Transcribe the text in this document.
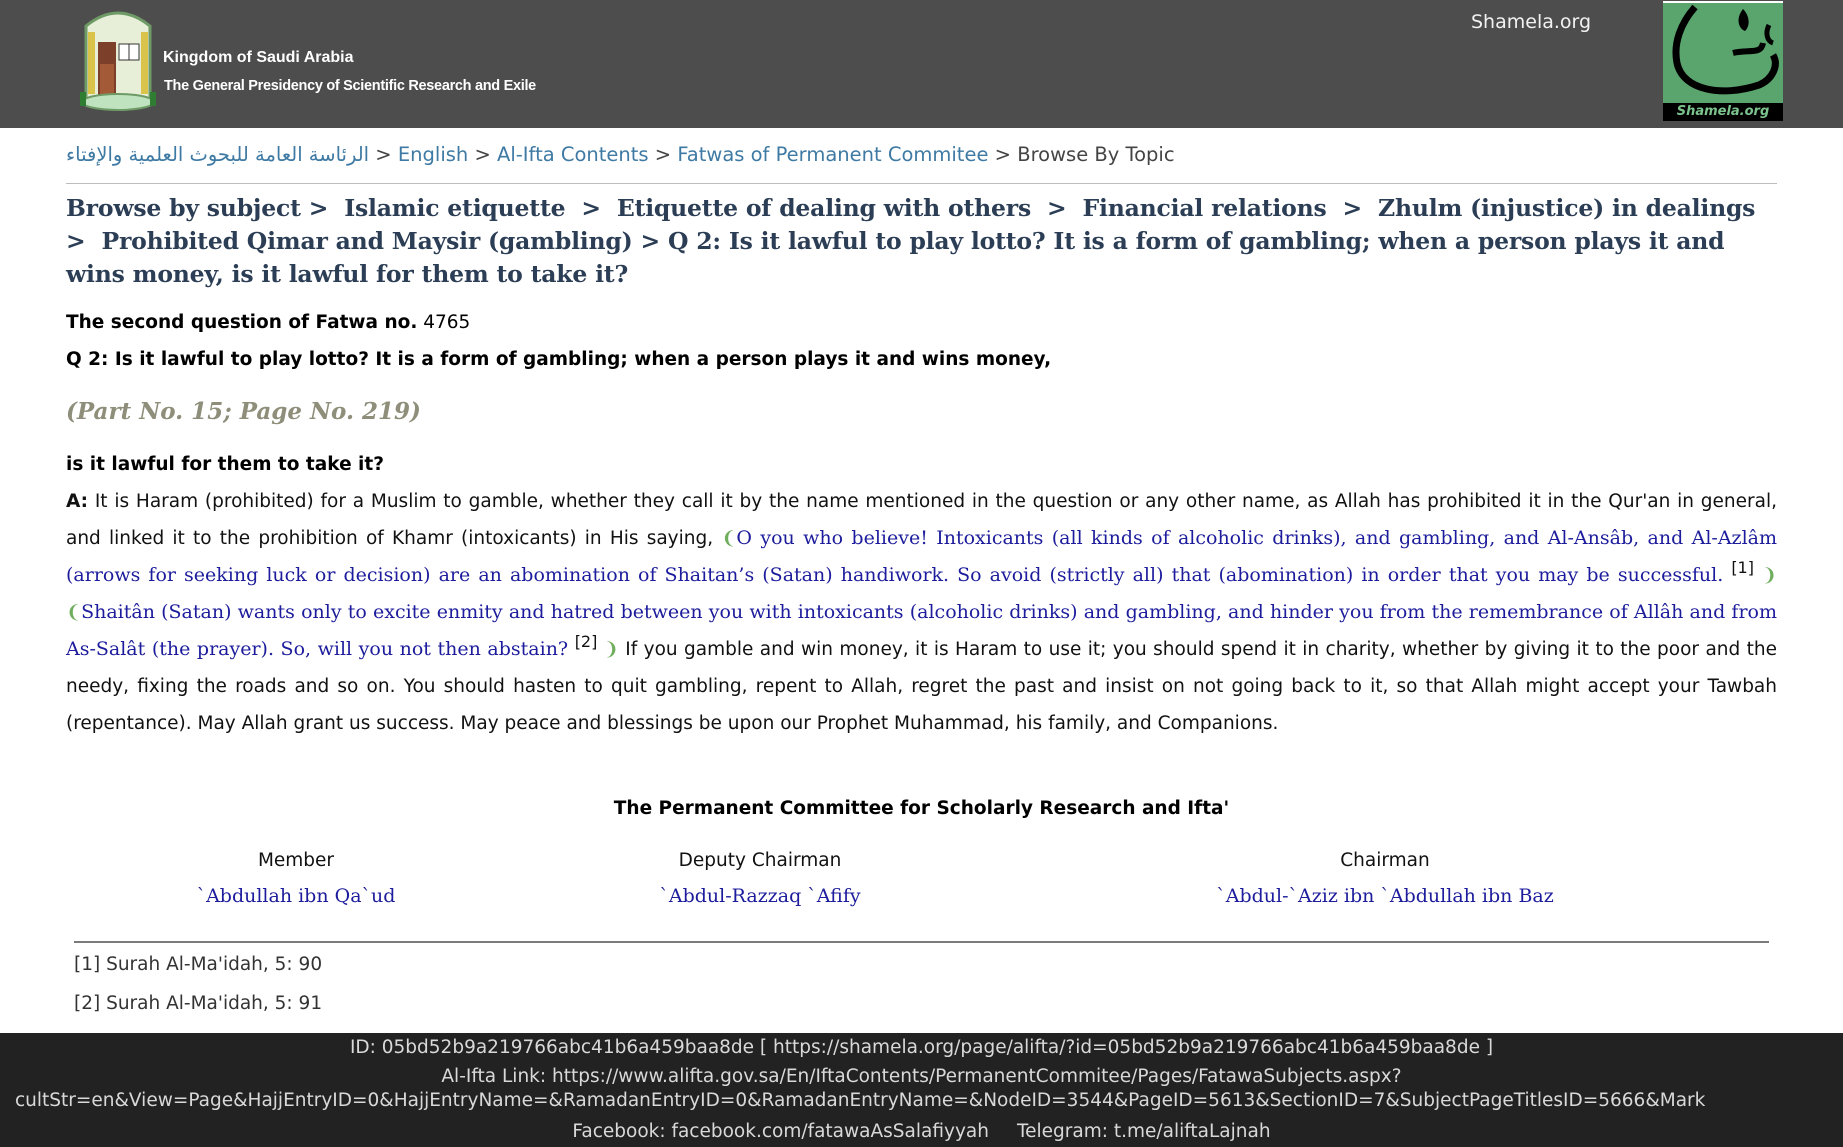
Kingdom of Saudi Arabia
The General Presidency of Scientific Research and Exile
Shamela.org
Shamela.org
الرئاسة العامة للبحوث العلمية والإفتاء > English > Al-Ifta Contents > Fatwas of Permanent Commitee > Browse By Topic
Browse by subject > Islamic etiquette > Etiquette of dealing with others > Financial relations > Zhulm (injustice) in dealings > Prohibited Qimar and Maysir (gambling) > Q 2: Is it lawful to play lotto? It is a form of gambling; when a person plays it and wins money, is it lawful for them to take it?
The second question of Fatwa no. 4765
Q 2: Is it lawful to play lotto? It is a form of gambling; when a person plays it and wins money,
(Part No. 15; Page No. 219)
is it lawful for them to take it?
A: It is Haram (prohibited) for a Muslim to gamble, whether they call it by the name mentioned in the question or any other name, as Allah has prohibited it in the Qur'an in general, and linked it to the prohibition of Khamr (intoxicants) in His saying, ❨O you who believe! Intoxicants (all kinds of alcoholic drinks), and gambling, and Al-Ansâb, and Al-Azlâm (arrows for seeking luck or decision) are an abomination of Shaitan’s (Satan) handiwork. So avoid (strictly all) that (abomination) in order that you may be successful. [1] ❩❨Shaitân (Satan) wants only to excite enmity and hatred between you with intoxicants (alcoholic drinks) and gambling, and hinder you from the remembrance of Allâh and from As-Salât (the prayer). So, will you not then abstain? [2] ❩ If you gamble and win money, it is Haram to use it; you should spend it in charity, whether by giving it to the poor and the needy, fixing the roads and so on. You should hasten to quit gambling, repent to Allah, regret the past and insist on not going back to it, so that Allah might accept your Tawbah (repentance). May Allah grant us success. May peace and blessings be upon our Prophet Muhammad, his family, and Companions.
The Permanent Committee for Scholarly Research and Ifta'
Member
`Abdullah ibn Qa`ud
Deputy Chairman
`Abdul-Razzaq `Afify
Chairman
`Abdul-`Aziz ibn `Abdullah ibn Baz
[1] Surah Al-Ma'idah, 5: 90
[2] Surah Al-Ma'idah, 5: 91
ID: 05bd52b9a219766abc41b6a459baa8de [ https://shamela.org/page/alifta/?id=05bd52b9a219766abc41b6a459baa8de ]
Al-Ifta Link: https://www.alifta.gov.sa/En/IftaContents/PermanentCommitee/Pages/FatawaSubjects.aspx?
cultStr=en&View=Page&HajjEntryID=0&HajjEntryName=&RamadanEntryID=0&RamadanEntryName=&NodeID=3544&PageID=5613&SectionID=7&SubjectPageTitlesID=5666&Mark
Facebook: facebook.com/fatawaAsSalafiyyah Telegram: t.me/aliftaLajnah
